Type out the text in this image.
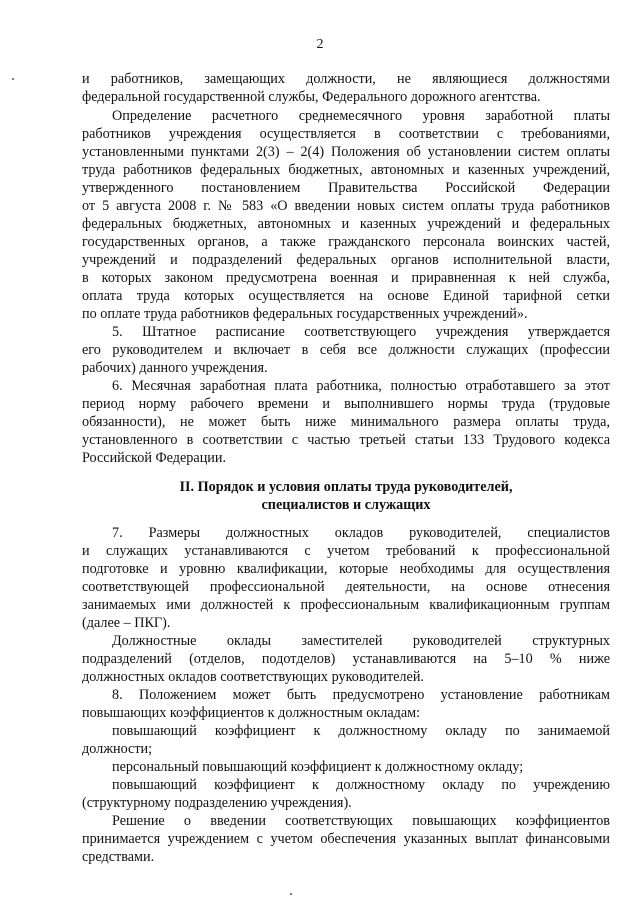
2
и работников, замещающих должности, не являющиеся должностями
федеральной государственной службы, Федерального дорожного агентства.
Определение расчетного среднемесячного уровня заработной платы
работников учреждения осуществляется в соответствии с требованиями,
установленными пунктами 2(3) – 2(4) Положения об установлении систем оплаты
труда работников федеральных бюджетных, автономных и казенных учреждений,
утвержденного постановлением Правительства Российской Федерации
от 5 августа 2008 г. № 583 «О введении новых систем оплаты труда работников
федеральных бюджетных, автономных и казенных учреждений и федеральных
государственных органов, а также гражданского персонала воинских частей,
учреждений и подразделений федеральных органов исполнительной власти,
в которых законом предусмотрена военная и приравненная к ней служба,
оплата труда которых осуществляется на основе Единой тарифной сетки
по оплате труда работников федеральных государственных учреждений».
5. Штатное расписание соответствующего учреждения утверждается
его руководителем и включает в себя все должности служащих (профессии
рабочих) данного учреждения.
6. Месячная заработная плата работника, полностью отработавшего за этот
период норму рабочего времени и выполнившего нормы труда (трудовые
обязанности), не может быть ниже минимального размера оплаты труда,
установленного в соответствии с частью третьей статьи 133 Трудового кодекса
Российской Федерации.
II. Порядок и условия оплаты труда руководителей,
специалистов и служащих
7. Размеры должностных окладов руководителей, специалистов
и служащих устанавливаются с учетом требований к профессиональной
подготовке и уровню квалификации, которые необходимы для осуществления
соответствующей профессиональной деятельности, на основе отнесения
занимаемых ими должностей к профессиональным квалификационным группам
(далее – ПКГ).
Должностные оклады заместителей руководителей структурных
подразделений (отделов, подотделов) устанавливаются на 5–10 % ниже
должностных окладов соответствующих руководителей.
8. Положением может быть предусмотрено установление работникам
повышающих коэффициентов к должностным окладам:
повышающий коэффициент к должностному окладу по занимаемой
должности;
персональный повышающий коэффициент к должностному окладу;
повышающий коэффициент к должностному окладу по учреждению
(структурному подразделению учреждения).
Решение о введении соответствующих повышающих коэффициентов
принимается учреждением с учетом обеспечения указанных выплат финансовыми
средствами.
